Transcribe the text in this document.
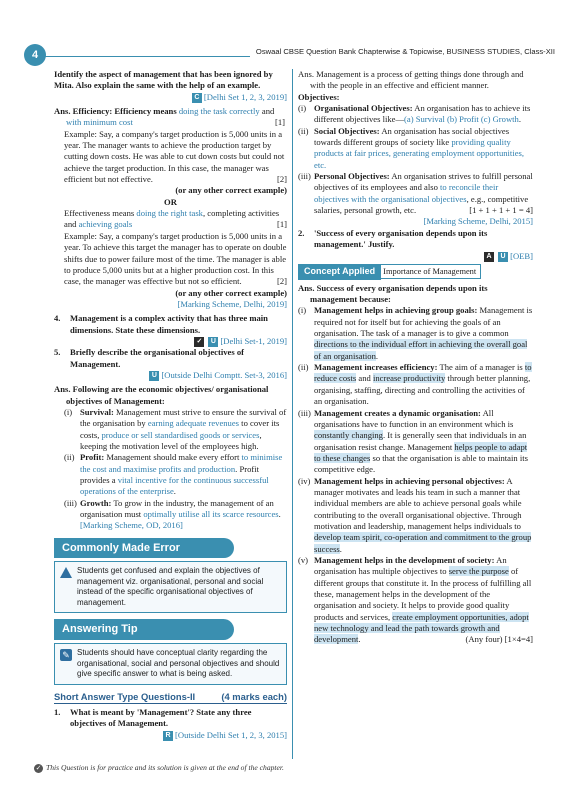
4	Oswaal CBSE Question Bank Chapterwise & Topicwise, BUSINESS STUDIES, Class-XII

Identify the aspect of management that has been ignored by Mita. Also explain the same with the help of an example.

C [Delhi Set 1, 2, 3, 2019]

Ans. Efficiency: Efficiency means doing the task correctly and with minimum cost	[1]

Example: Say, a company's target production is 5,000 units in a year. The manager wants to achieve the production target by cutting down costs. He was able to cut down costs but could not achieve the target production. In this case, the manager was efficient but not effective.	[2]

(or any other correct example)

OR

Effectiveness means doing the right task, completing activities and achieving goals	[1]

Example: Say, a company's target production is 5,000 units in a year. To achieve this target the manager has to operate on double shifts due to power failure most of the time. The manager is able to produce 5,000 units but at a higher production cost. In this case, the manager was effective but not so efficient.	[2]

(or any other correct example)

[Marking Scheme, Delhi, 2019]

4.	Management is a complex activity that has three main dimensions. State these dimensions.

✓ U [Delhi Set-1, 2019]

5.	Briefly describe the organisational objectives of Management.

U [Outside Delhi Comptt. Set-3, 2016]

Ans. Following are the economic objectives/ organisational objectives of Management:

(i) Survival: Management must strive to ensure the survival of the organisation by earning adequate revenues to cover its costs, produce or sell standardised goods or services, keeping the motivation level of the employees high.
(ii) Profit: Management should make every effort to minimise the cost and maximise profits and production. Profit provides a vital incentive for the continuous successful operations of the enterprise.
(iii) Growth: To grow in the industry, the management of an organisation must optimally utilise all its scarce resources. [Marking Scheme, OD, 2016]
Commonly Made Error
Students get confused and explain the objectives of management viz. organisational, personal and social instead of the specific organisational objectives of management.
Answering Tip
✎ Students should have conceptual clarity regarding the organisational, social and personal objectives and should give specific answer to what is being asked.
Short Answer Type Questions-II	(4 marks each)
1.	What is meant by 'Management'? State any three objectives of Management.

R [Outside Delhi Set 1, 2, 3, 2015]

Ans. Management is a process of getting things done through and with the people in an effective and efficient manner.

Objectives:

(i) Organisational Objectives: An organisation has to achieve its different objectives like—(a) Survival (b) Profit (c) Growth.
(ii) Social Objectives: An organisation has social objectives towards different groups of society like providing quality products at fair prices, generating employment opportunities, etc.
(iii) Personal Objectives: An organisation strives to fulfill personal objectives of its employees and also to reconcile their objectives with the organisational objectives, e.g., competitive salaries, personal growth, etc.	[1 + 1 + 1 + 1 = 4]

[Marking Scheme, Delhi, 2015]

2.	'Success of every organisation depends upon its management.' Justify.

A U [OEB]

Concept Applied Importance of Management

Ans. Success of every organisation depends upon its management because:

(i) Management helps in achieving group goals: Management is required not for itself but for achieving the goals of an organisation. The task of a manager is to give a common directions to the individual effort in achieving the overall goal of an organisation.
(ii) Management increases efficiency: The aim of a manager is to reduce costs and increase productivity through better planning, organising, staffing, directing and controlling the activities of an organisation.
(iii) Management creates a dynamic organisation: All organisations have to function in an environment which is constantly changing. It is generally seen that individuals in an organisation resist change. Management helps people to adapt to these changes so that the organisation is able to maintain its competitive edge.
(iv) Management helps in achieving personal objectives: A manager motivates and leads his team in such a manner that individual members are able to achieve personal goals while contributing to the overall organisational objective. Through motivation and leadership, management helps individuals to develop team spirit, co-operation and commitment to the group success.
(v) Management helps in the development of society: An organisation has multiple objectives to serve the purpose of different groups that constitute it. In the process of fulfilling all these, management helps in the development of the organisation and society. It helps to provide good quality products and services, create employment opportunities, adopt new technology and lead the path towards growth and development.	(Any four) [1×4=4]
✓ This Question is for practice and its solution is given at the end of the chapter.
